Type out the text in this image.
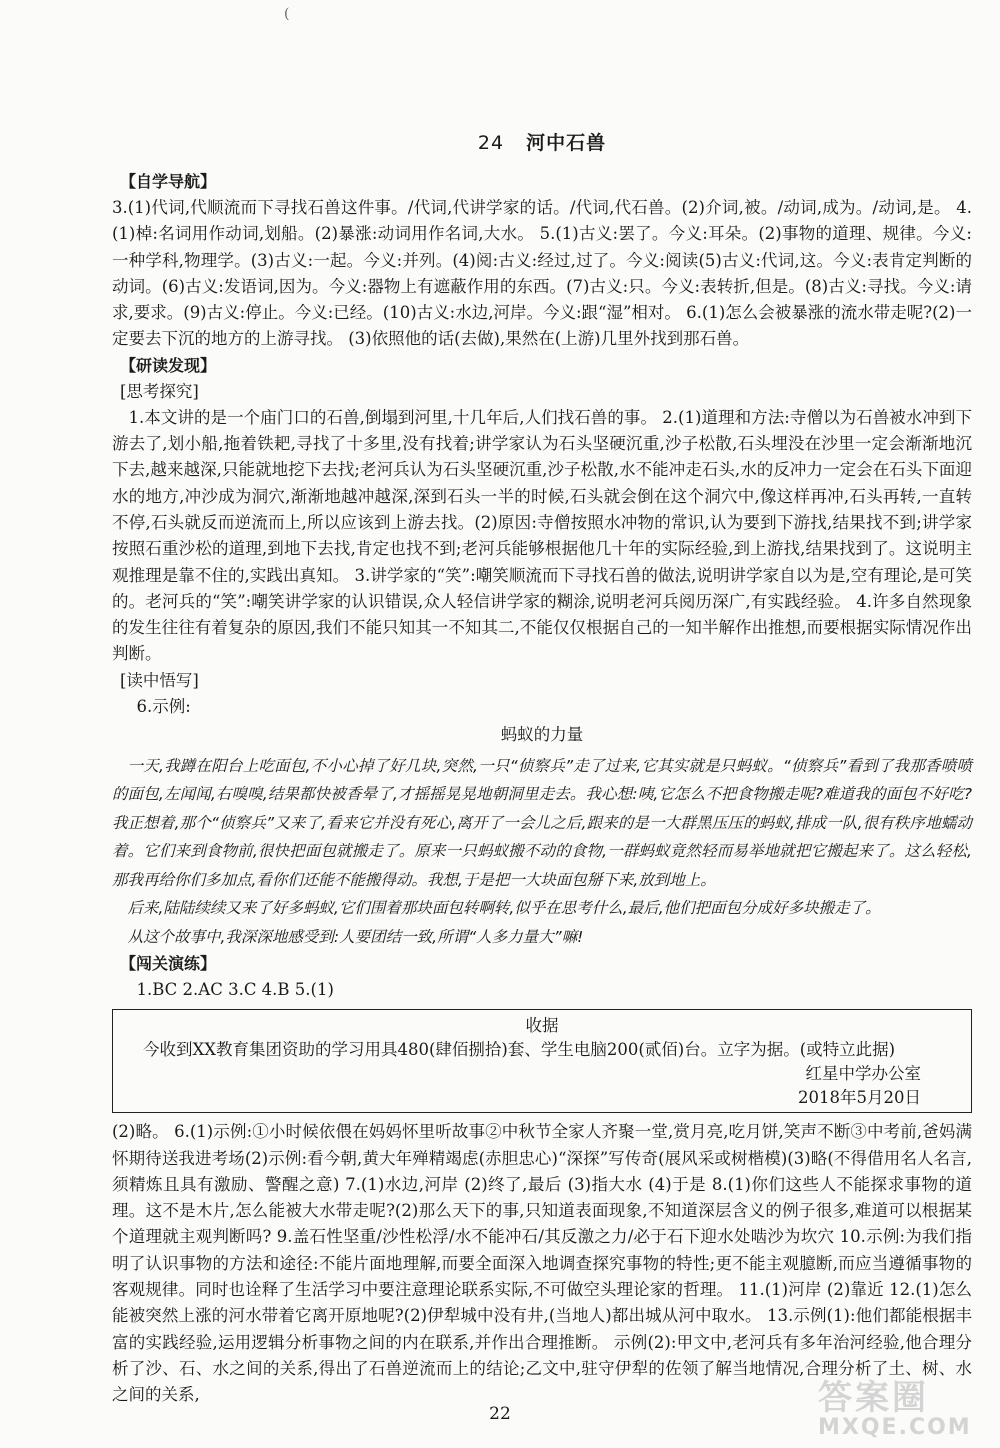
(
24 河中石兽

【自学导航】

3.(1)代词,代顺流而下寻找石兽这件事。/代词,代讲学家的话。/代词,代石兽。(2)介词,被。/动词,成为。/动词,是。 4.(1)棹:名词用作动词,划船。(2)暴涨:动词用作名词,大水。 5.(1)古义:罢了。今义:耳朵。(2)事物的道理、规律。今义:一种学科,物理学。(3)古义:一起。今义:并列。(4)阅:古义:经过,过了。今义:阅读(5)古义:代词,这。今义:表肯定判断的动词。(6)古义:发语词,因为。今义:器物上有遮蔽作用的东西。(7)古义:只。今义:表转折,但是。(8)古义:寻找。今义:请求,要求。(9)古义:停止。今义:已经。(10)古义:水边,河岸。今义:跟“湿”相对。 6.(1)怎么会被暴涨的流水带走呢?(2)一定要去下沉的地方的上游寻找。 (3)依照他的话(去做),果然在(上游)几里外找到那石兽。

【研读发现】

[思考探究]

1.本文讲的是一个庙门口的石兽,倒塌到河里,十几年后,人们找石兽的事。 2.(1)道理和方法:寺僧以为石兽被水冲到下游去了,划小船,拖着铁耙,寻找了十多里,没有找着;讲学家认为石头坚硬沉重,沙子松散,石头埋没在沙里一定会渐渐地沉下去,越来越深,只能就地挖下去找;老河兵认为石头坚硬沉重,沙子松散,水不能冲走石头,水的反冲力一定会在石头下面迎水的地方,冲沙成为洞穴,渐渐地越冲越深,深到石头一半的时候,石头就会倒在这个洞穴中,像这样再冲,石头再转,一直转不停,石头就反而逆流而上,所以应该到上游去找。(2)原因:寺僧按照水冲物的常识,认为要到下游找,结果找不到;讲学家按照石重沙松的道理,到地下去找,肯定也找不到;老河兵能够根据他几十年的实际经验,到上游找,结果找到了。这说明主观推理是靠不住的,实践出真知。 3.讲学家的“笑”:嘲笑顺流而下寻找石兽的做法,说明讲学家自以为是,空有理论,是可笑的。老河兵的“笑”:嘲笑讲学家的认识错误,众人轻信讲学家的糊涂,说明老河兵阅历深广,有实践经验。 4.许多自然现象的发生往往有着复杂的原因,我们不能只知其一不知其二,不能仅仅根据自己的一知半解作出推想,而要根据实际情况作出判断。

[读中悟写]

6.示例:

蚂蚁的力量

一天,我蹲在阳台上吃面包,不小心掉了好几块,突然,一只“侦察兵”走了过来,它其实就是只蚂蚁。“侦察兵”看到了我那香喷喷的面包,左闻闻,右嗅嗅,结果都快被香晕了,才摇摇晃晃地朝洞里走去。我心想:咦,它怎么不把食物搬走呢?难道我的面包不好吃?我正想着,那个“侦察兵”又来了,看来它并没有死心,离开了一会儿之后,跟来的是一大群黑压压的蚂蚁,排成一队,很有秩序地蠕动着。它们来到食物前,很快把面包就搬走了。原来一只蚂蚁搬不动的食物,一群蚂蚁竟然轻而易举地就把它搬起来了。这么轻松,那我再给你们多加点,看你们还能不能搬得动。我想,于是把一大块面包掰下来,放到地上。

后来,陆陆续续又来了好多蚂蚁,它们围着那块面包转啊转,似乎在思考什么,最后,他们把面包分成好多块搬走了。

从这个故事中,我深深地感受到:人要团结一致,所谓“人多力量大”嘛!

【闯关演练】

1.BC 2.AC 3.C 4.B 5.(1)

收据

今收到XX教育集团资助的学习用具480(肆佰捌拾)套、学生电脑200(贰佰)台。立字为据。(或特立此据)

红星中学办公室

2018年5月20日

(2)略。 6.(1)示例:①小时候依偎在妈妈怀里听故事②中秋节全家人齐聚一堂,赏月亮,吃月饼,笑声不断③中考前,爸妈满怀期待送我进考场(2)示例:看今朝,黄大年殚精竭虑(赤胆忠心)“深探”写传奇(展风采或树楷模)(3)略(不得借用名人名言,须精炼且具有激励、警醒之意) 7.(1)水边,河岸 (2)终了,最后 (3)指大水 (4)于是 8.(1)你们这些人不能探求事物的道理。这不是木片,怎么能被大水带走呢?(2)那么天下的事,只知道表面现象,不知道深层含义的例子很多,难道可以根据某个道理就主观判断吗? 9.盖石性坚重/沙性松浮/水不能冲石/其反激之力/必于石下迎水处啮沙为坎穴 10.示例:为我们指明了认识事物的方法和途径:不能片面地理解,而要全面深入地调查探究事物的特性;更不能主观臆断,而应当遵循事物的客观规律。同时也诠释了生活学习中要注意理论联系实际,不可做空头理论家的哲理。 11.(1)河岸 (2)靠近 12.(1)怎么能被突然上涨的河水带着它离开原地呢?(2)伊犁城中没有井,(当地人)都出城从河中取水。 13.示例(1):他们都能根据丰富的实践经验,运用逻辑分析事物之间的内在联系,并作出合理推断。 示例(2):甲文中,老河兵有多年治河经验,他合理分析了沙、石、水之间的关系,得出了石兽逆流而上的结论;乙文中,驻守伊犁的佐领了解当地情况,合理分析了土、树、水之间的关系,

22	答案圈
MXQE.COM
